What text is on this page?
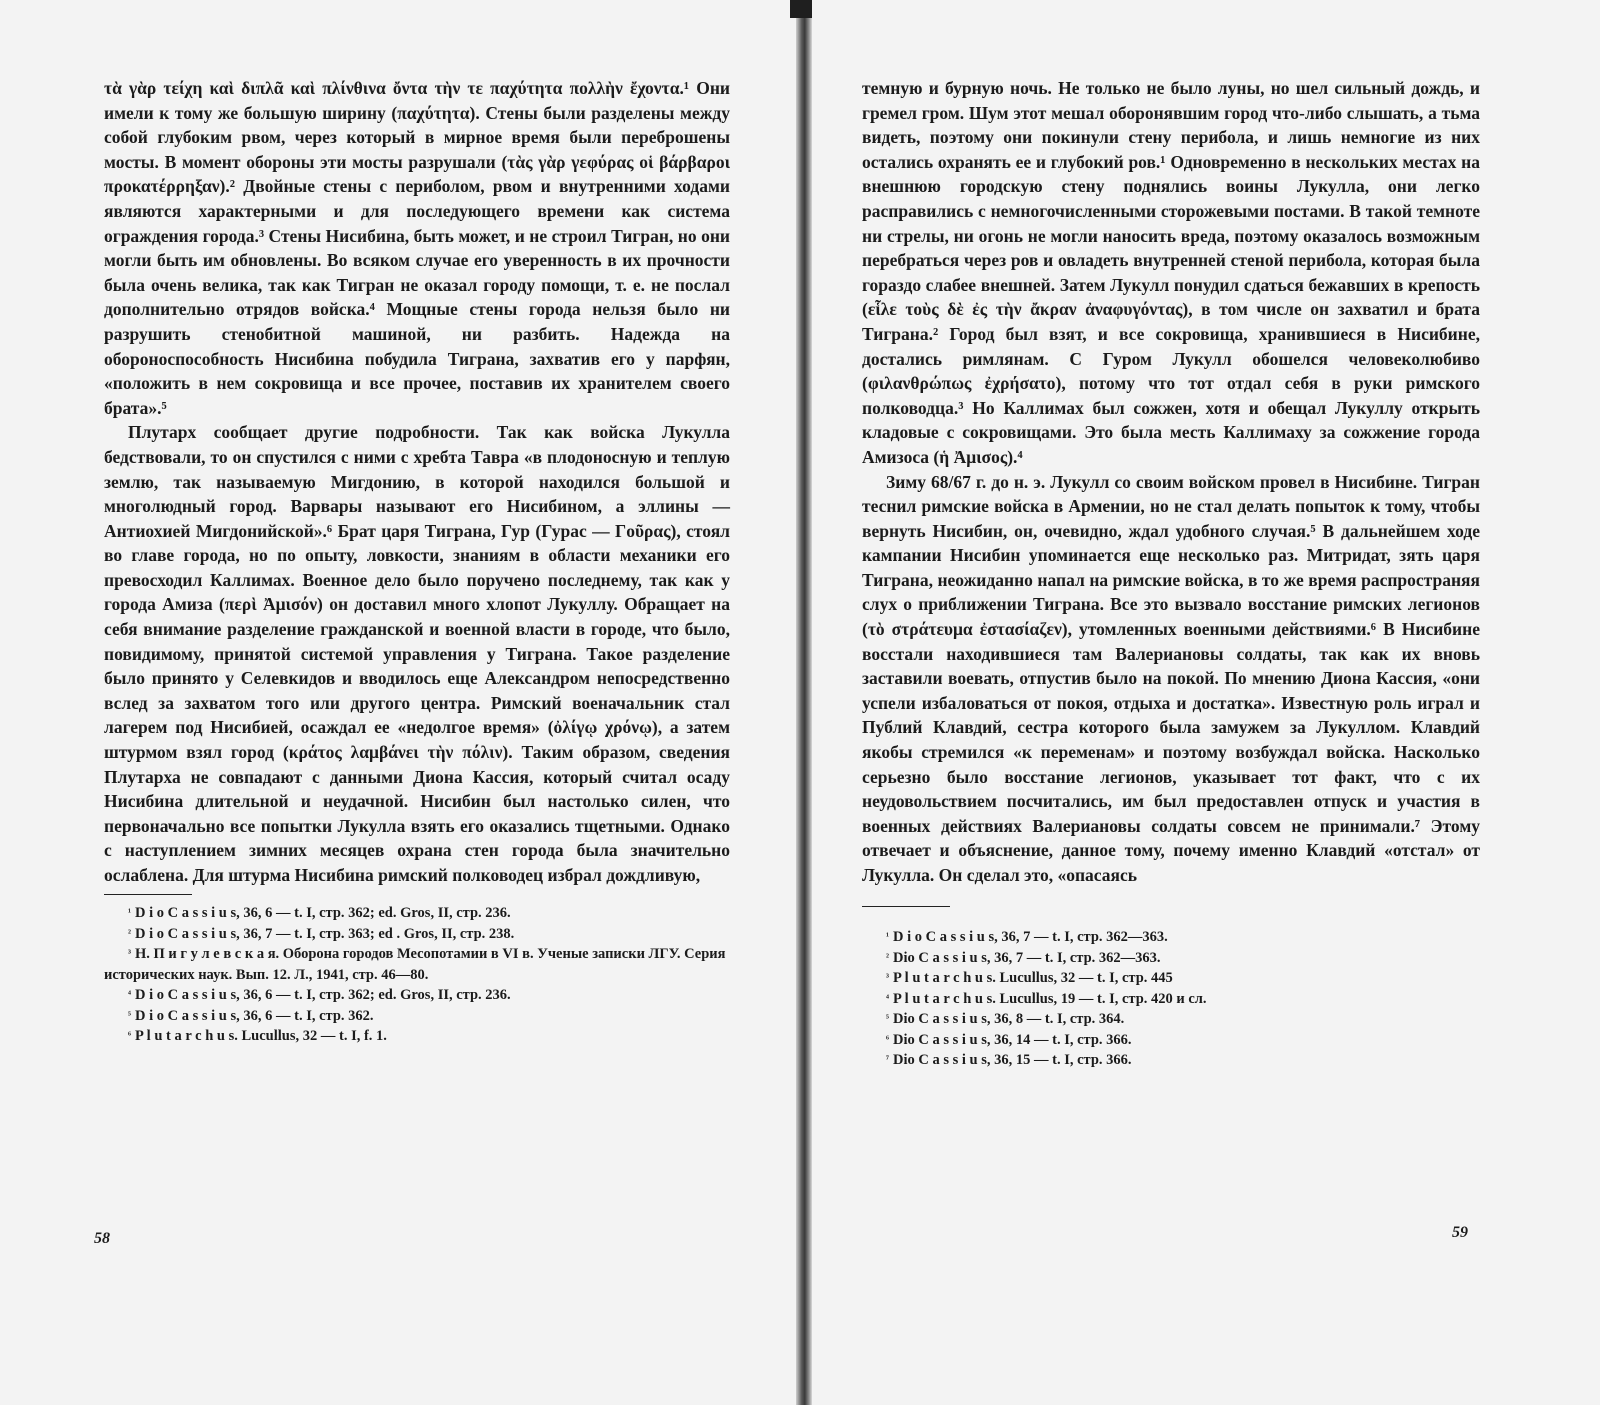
τὰ γὰρ τείχη καὶ διπλᾶ καὶ πλίνθινα ὄντα τὴν τε παχύτητα πολλὴν ἔχοντα.¹ Они имели к тому же большую ширину (παχύτητα). Стены были разделены между собой глубоким рвом, через который в мирное время были переброшены мосты. В момент обороны эти мосты разрушали (τὰς γὰρ γεφύρας οἱ βάρβαροι προκατέρρηξαν).² Двойные стены с периболом, рвом и внутренними ходами являются характерными и для последующего времени как система ограждения города.³ Стены Нисибина, быть может, и не строил Тигран, но они могли быть им обновлены. Во всяком случае его уверенность в их прочности была очень велика, так как Тигран не оказал городу помощи, т. е. не послал дополнительно отрядов войска.⁴ Мощные стены города нельзя было ни разрушить стенобитной машиной, ни разбить. Надежда на обороноспособность Нисибина побудила Тиграна, захватив его у парфян, «положить в нем сокровища и все прочее, поставив их хранителем своего брата».⁵

Плутарх сообщает другие подробности. Так как войска Лукулла бедствовали, то он спустился с ними с хребта Тавра «в плодоносную и теплую землю, так называемую Мигдонию, в которой находился большой и многолюдный город. Варвары называют его Нисибином, а эллины — Антиохией Мигдонийской».⁶ Брат царя Тиграна, Гур (Гурас — Γοῦρας), стоял во главе города, но по опыту, ловкости, знаниям в области механики его превосходил Каллимах. Военное дело было поручено последнему, так как у города Амиза (περὶ Ἀμισόν) он доставил много хлопот Лукуллу. Обращает на себя внимание разделение гражданской и военной власти в городе, что было, повидимому, принятой системой управления у Тиграна. Такое разделение было принято у Селевкидов и вводилось еще Александром непосредственно вслед за захватом того или другого центра. Римский военачальник стал лагерем под Нисибией, осаждал ее «недолгое время» (ὀλίγῳ χρόνῳ), а затем штурмом взял город (κράτος λαμβάνει τὴν πόλιν). Таким образом, сведения Плутарха не совпадают с данными Диона Кассия, который считал осаду Нисибина длительной и неудачной. Нисибин был настолько силен, что первоначально все попытки Лукулла взять его оказались тщетными. Однако с наступлением зимних месяцев охрана стен города была значительно ослаблена. Для штурма Нисибина римский полководец избрал дождливую,

$^{^1}$ D i o C a s s i u s, 36, 6 — t. I, стр. 362; ed. Gros, II, стр. 236.

$^{^2}$ D i o C a s s i u s, 36, 7 — t. I, стр. 363; ed . Gros, II, стр. 238.

$^{^3}$ Н. П и г у л е в с к а я. Оборона городов Месопотамии в VI в. Ученые записки ЛГУ. Серия исторических наук. Вып. 12. Л., 1941, стр. 46—80.

$^{^4}$ D i o C a s s i u s, 36, 6 — t. I, стр. 362; ed. Gros, II, стр. 236.

$^{^5}$ D i o C a s s i u s, 36, 6 — t. I, стр. 362.

$^{^6}$ P l u t a r c h u s. Lucullus, 32 — t. I, f. 1.

58

темную и бурную ночь. Не только не было луны, но шел сильный дождь, и гремел гром. Шум этот мешал оборонявшим город что-либо слышать, а тьма видеть, поэтому они покинули стену перибола, и лишь немногие из них остались охранять ее и глубокий ров.¹ Одновременно в нескольких местах на внешнюю городскую стену поднялись воины Лукулла, они легко расправились с немногочисленными сторожевыми постами. В такой темноте ни стрелы, ни огонь не могли наносить вреда, поэтому оказалось возможным перебраться через ров и овладеть внутренней стеной перибола, которая была гораздо слабее внешней. Затем Лукулл понудил сдаться бежавших в крепость (εἷλε τοὺς δὲ ἐς τὴν ἄκραν ἀναφυγόντας), в том числе он захватил и брата Тиграна.² Город был взят, и все сокровища, хранившиеся в Нисибине, достались римлянам. С Гуром Лукулл обошелся человеколюбиво (φιλανθρώπως ἐχρήσατο), потому что тот отдал себя в руки римского полководца.³ Но Каллимах был сожжен, хотя и обещал Лукуллу открыть кладовые с сокровищами. Это была месть Каллимаху за сожжение города Амизоса (ἡ Ἀμισος).⁴

Зиму 68/67 г. до н. э. Лукулл со своим войском провел в Нисибине. Тигран теснил римские войска в Армении, но не стал делать попыток к тому, чтобы вернуть Нисибин, он, очевидно, ждал удобного случая.⁵ В дальнейшем ходе кампании Нисибин упоминается еще несколько раз. Митридат, зять царя Тиграна, неожиданно напал на римские войска, в то же время распространяя слух о приближении Тиграна. Все это вызвало восстание римских легионов (τὸ στράτευμα ἐστασίαζεν), утомленных военными действиями.⁶ В Нисибине восстали находившиеся там Валериановы солдаты, так как их вновь заставили воевать, отпустив было на покой. По мнению Диона Кассия, «они успели избаловаться от покоя, отдыха и достатка». Известную роль играл и Публий Клавдий, сестра которого была замужем за Лукуллом. Клавдий якобы стремился «к переменам» и поэтому возбуждал войска. Насколько серьезно было восстание легионов, указывает тот факт, что с их неудовольствием посчитались, им был предоставлен отпуск и участия в военных действиях Валериановы солдаты совсем не принимали.⁷ Этому отвечает и объяснение, данное тому, почему именно Клавдий «отстал» от Лукулла. Он сделал это, «опасаясь

$^{^1}$ D i o C a s s i u s, 36, 7 — t. I, стр. 362—363.

$^{^2}$ Dio C a s s i u s, 36, 7 — t. I, стр. 362—363.

$^{^3}$ P l u t a r c h u s. Lucullus, 32 — t. I, стр. 445

$^{^4}$ P l u t a r c h u s. Lucullus, 19 — t. I, стр. 420 и сл.

$^{^5}$ Dio C a s s i u s, 36, 8 — t. I, стр. 364.

$^{^6}$ Dio C a s s i u s, 36, 14 — t. I, стр. 366.

$^{^7}$ Dio C a s s i u s, 36, 15 — t. I, стр. 366.

59
